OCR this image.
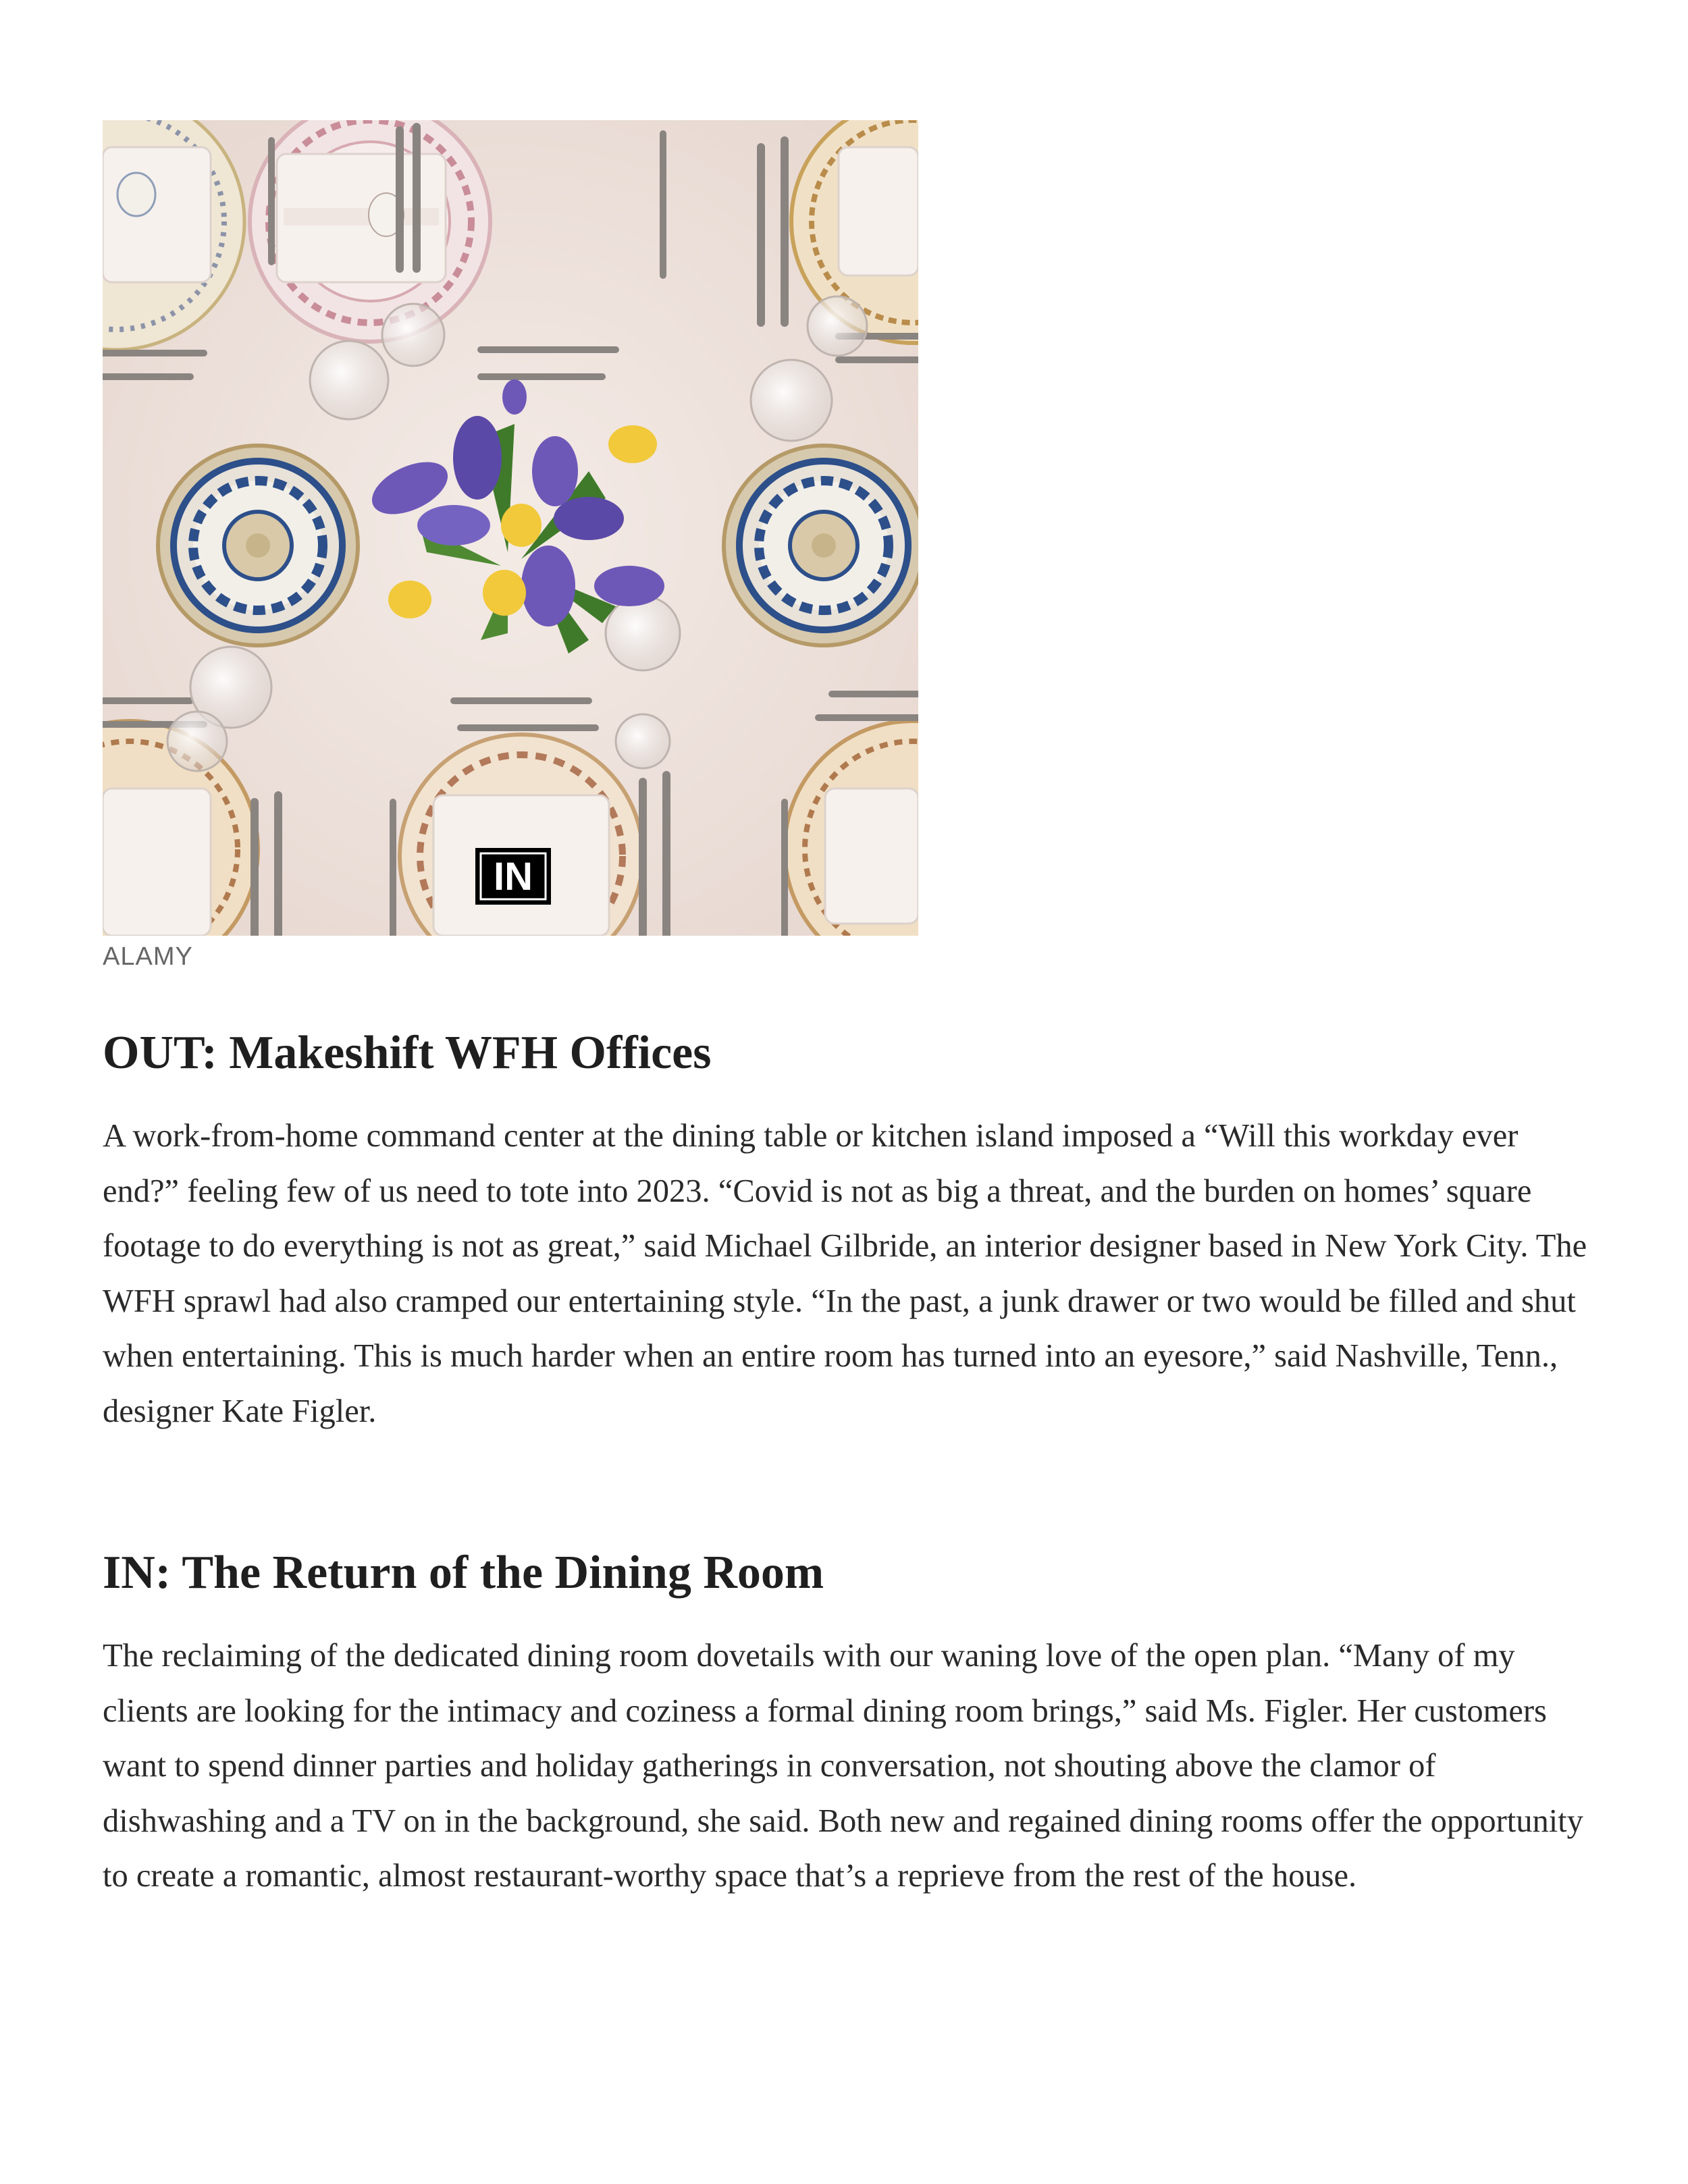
IN
ALAMY
OUT: Makeshift WFH Offices

A work-from-home command center at the dining table or kitchen island imposed a “Will this workday ever end?” feeling few of us need to tote into 2023. “Covid is not as big a threat, and the burden on homes’ square footage to do everything is not as great,” said Michael Gilbride, an interior designer based in New York City. The WFH sprawl had also cramped our entertaining style. “In the past, a junk drawer or two would be filled and shut when entertaining. This is much harder when an entire room has turned into an eyesore,” said Nashville, Tenn., designer Kate Figler.

IN: The Return of the Dining Room

The reclaiming of the dedicated dining room dovetails with our waning love of the open plan. “Many of my clients are looking for the intimacy and coziness a formal dining room brings,” said Ms. Figler. Her customers want to spend dinner parties and holiday gatherings in conversation, not shouting above the clamor of dishwashing and a TV on in the background, she said. Both new and regained dining rooms offer the opportunity to create a romantic, almost restaurant-worthy space that’s a reprieve from the rest of the house.
